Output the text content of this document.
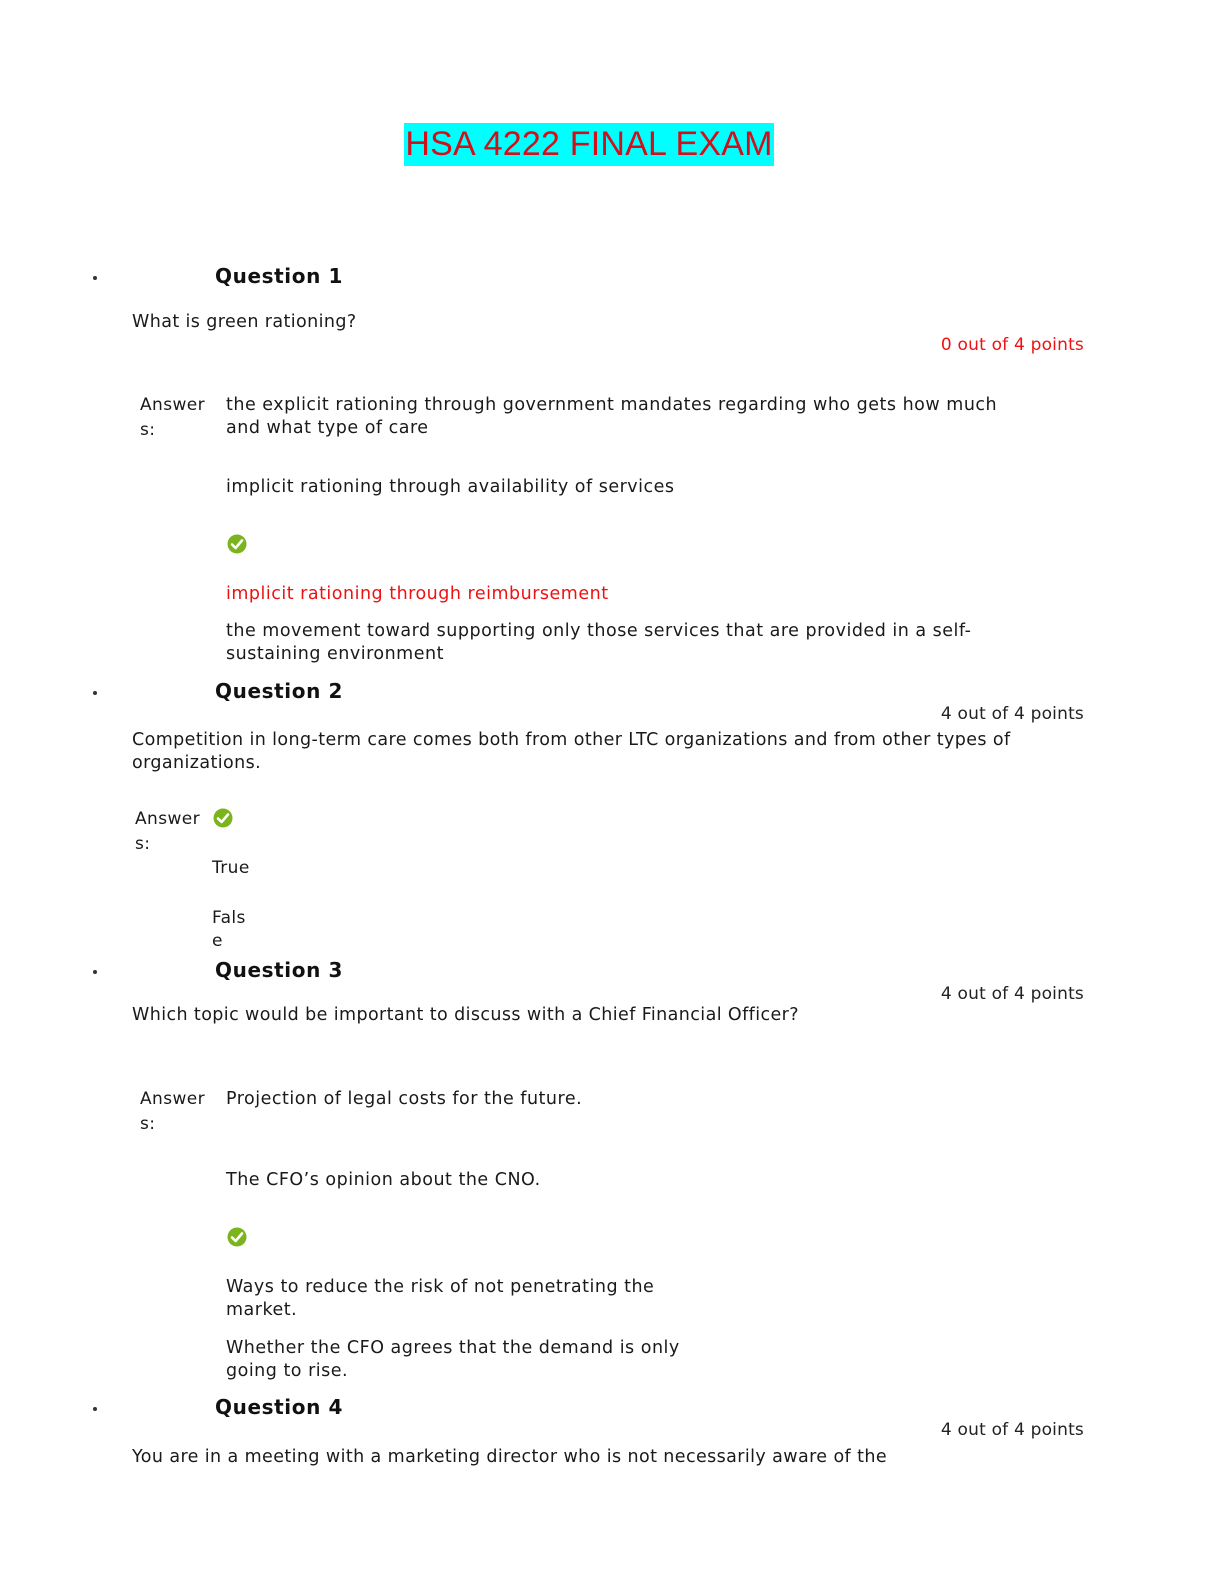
HSA 4222 FINAL EXAM
Question 1
What is green rationing?
0 out of 4 points
Answer
s:
the explicit rationing through government mandates regarding who gets how much and what type of care
implicit rationing through availability of services
implicit rationing through reimbursement
the movement toward supporting only those services that are provided in a self-sustaining environment
Question 2
4 out of 4 points
Competition in long-term care comes both from other LTC organizations and from other types of organizations.
Answer
s:
True
False
Question 3
4 out of 4 points
Which topic would be important to discuss with a Chief Financial Officer?
Answer
s:
Projection of legal costs for the future.
The CFO’s opinion about the CNO.
Ways to reduce the risk of not penetrating the market.
Whether the CFO agrees that the demand is only going to rise.
Question 4
4 out of 4 points
You are in a meeting with a marketing director who is not necessarily aware of the
